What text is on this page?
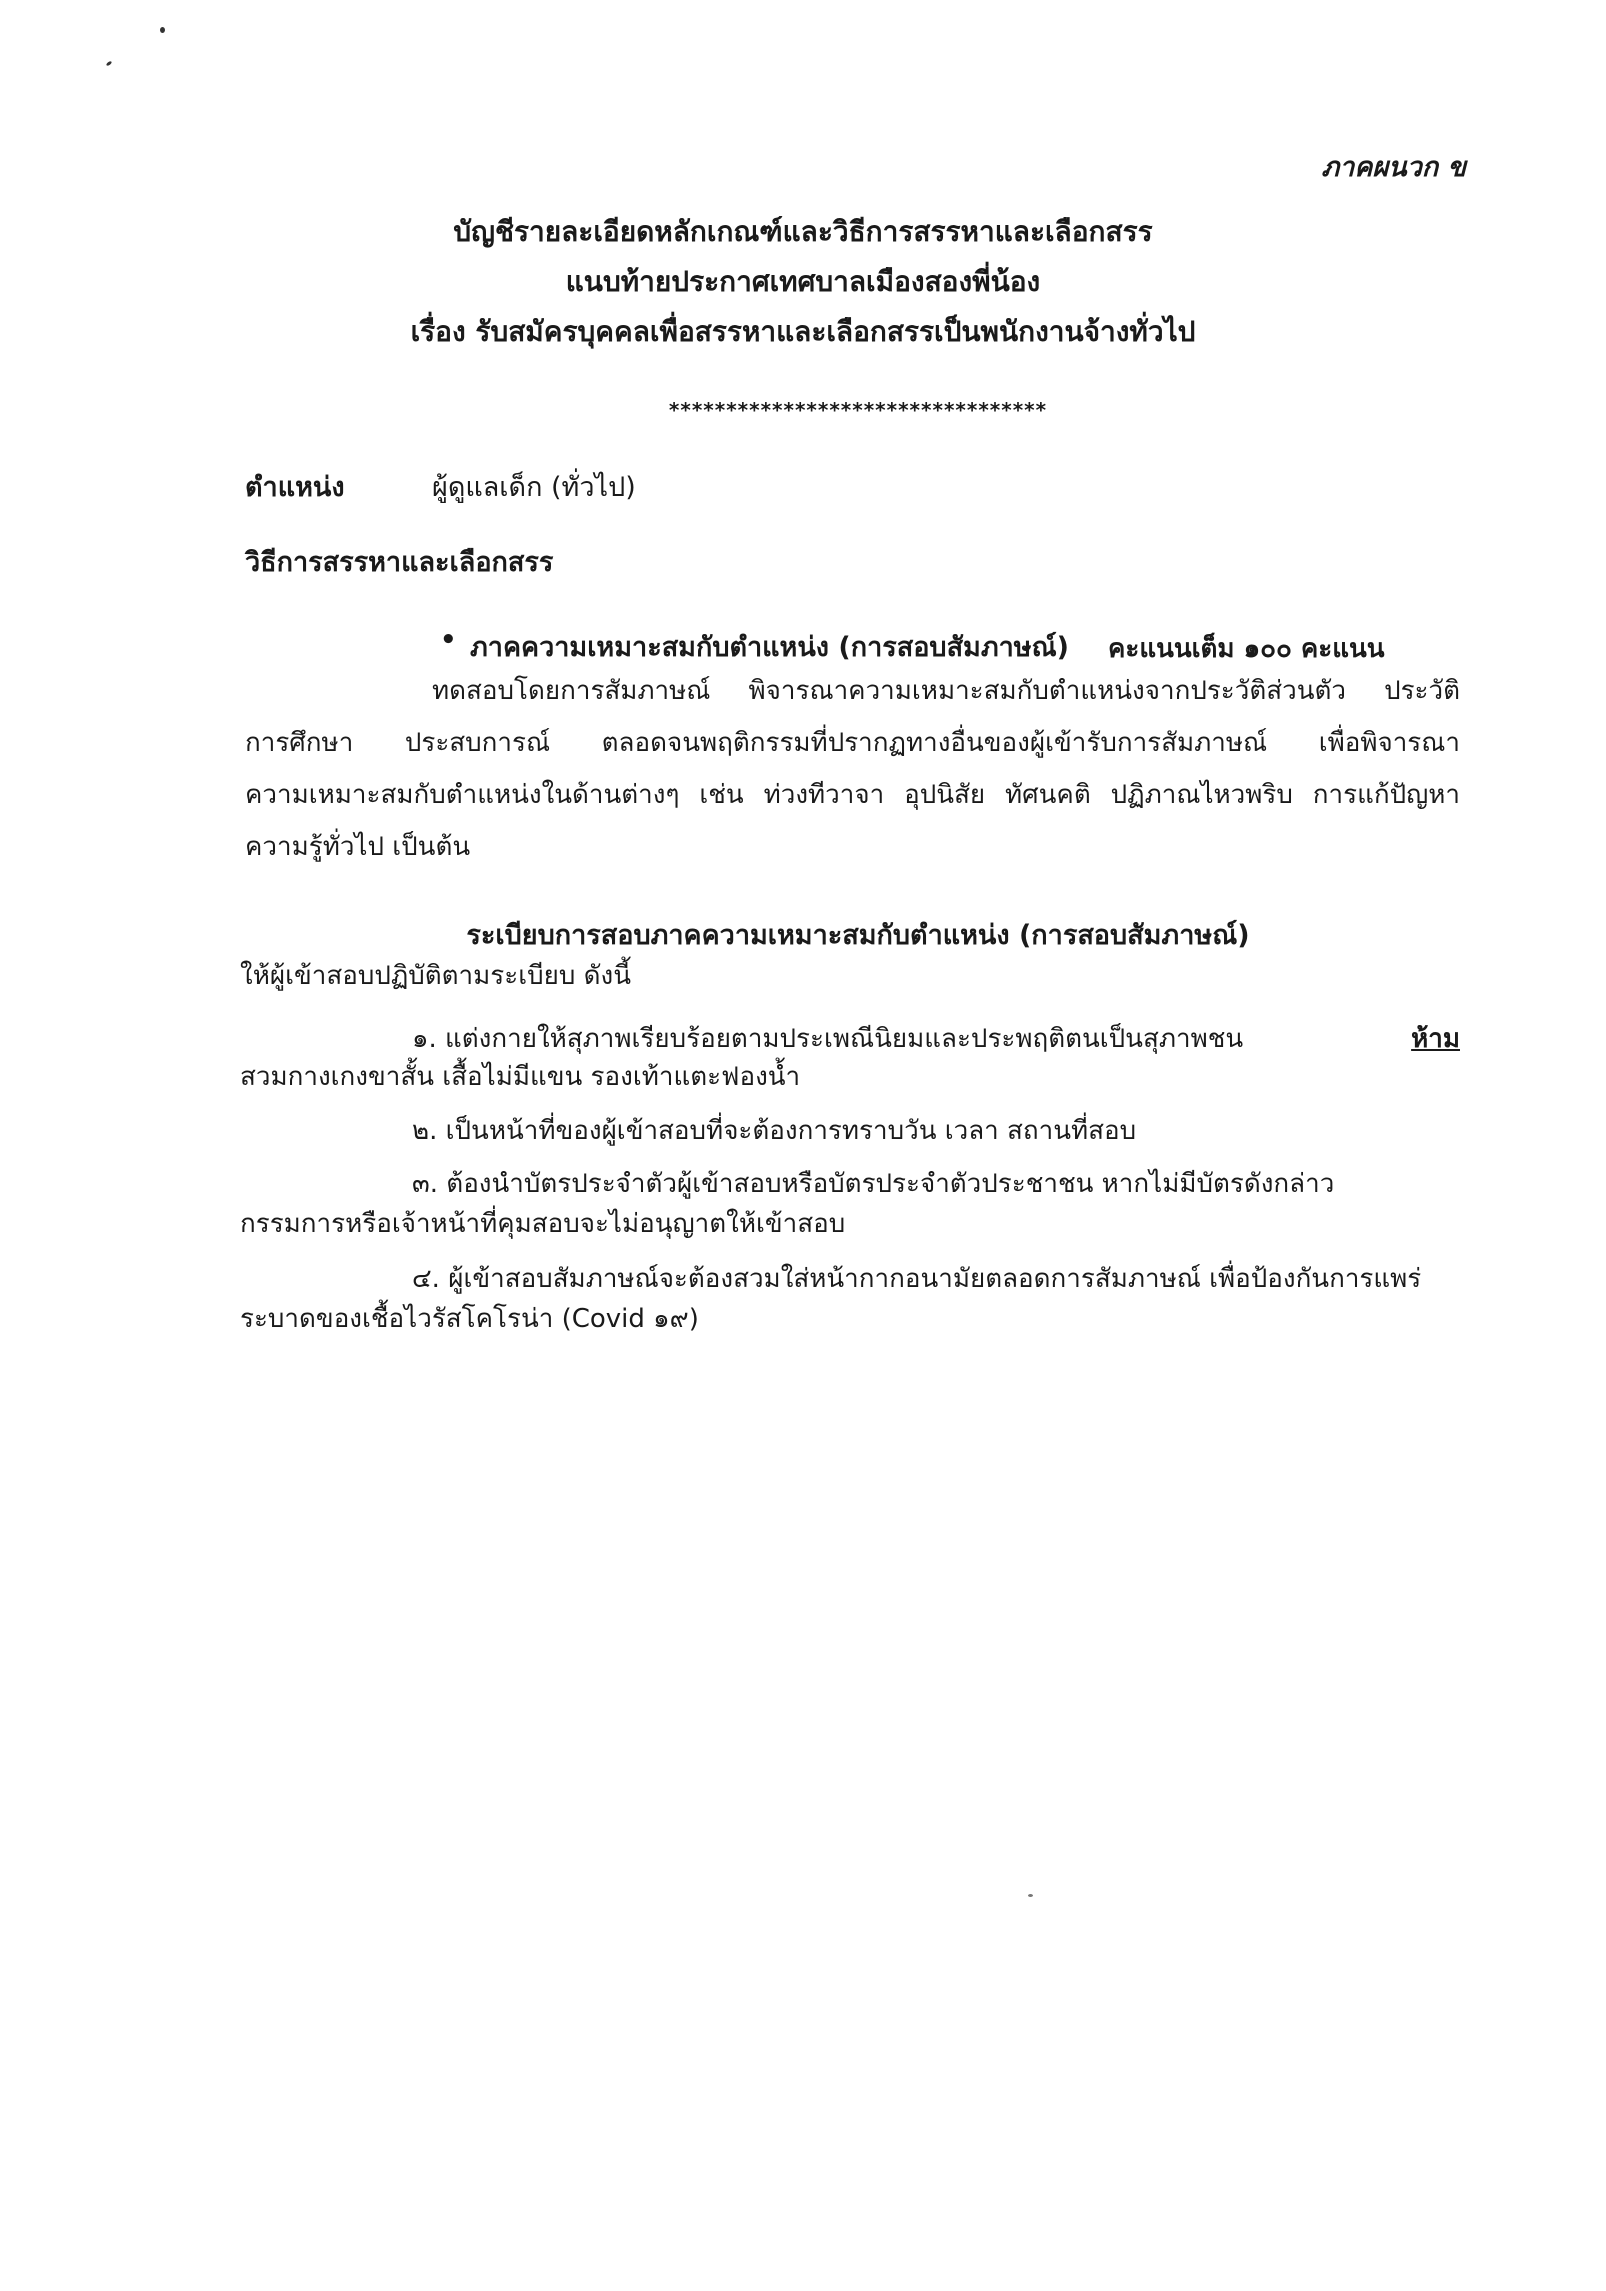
ภาคผนวก ข
บัญชีรายละเอียดหลักเกณฑ์และวิธีการสรรหาและเลือกสรร
แนบท้ายประกาศเทศบาลเมืองสองพี่น้อง
เรื่อง รับสมัครบุคคลเพื่อสรรหาและเลือกสรรเป็นพนักงานจ้างทั่วไป
*********************************
ตำแหน่ง	ผู้ดูแลเด็ก (ทั่วไป)
วิธีการสรรหาและเลือกสรร
• ภาคความเหมาะสมกับตำแหน่ง (การสอบสัมภาษณ์) คะแนนเต็ม ๑๐๐ คะแนน
ทดสอบโดยการสัมภาษณ์ พิจารณาความเหมาะสมกับตำแหน่งจากประวัติส่วนตัว ประวัติ
การศึกษา ประสบการณ์ ตลอดจนพฤติกรรมที่ปรากฏทางอื่นของผู้เข้ารับการสัมภาษณ์ เพื่อพิจารณา
ความเหมาะสมกับตำแหน่งในด้านต่างๆ เช่น ท่วงทีวาจา อุปนิสัย ทัศนคติ ปฏิภาณไหวพริบ การแก้ปัญหา
ความรู้ทั่วไป เป็นต้น
ระเบียบการสอบภาคความเหมาะสมกับตำแหน่ง (การสอบสัมภาษณ์)
ให้ผู้เข้าสอบปฏิบัติตามระเบียบ ดังนี้
๑. แต่งกายให้สุภาพเรียบร้อยตามประเพณีนิยมและประพฤติตนเป็นสุภาพชน	ห้าม
สวมกางเกงขาสั้น เสื้อไม่มีแขน รองเท้าแตะฟองน้ำ
๒. เป็นหน้าที่ของผู้เข้าสอบที่จะต้องการทราบวัน เวลา สถานที่สอบ
๓. ต้องนำบัตรประจำตัวผู้เข้าสอบหรือบัตรประจำตัวประชาชน หากไม่มีบัตรดังกล่าว
กรรมการหรือเจ้าหน้าที่คุมสอบจะไม่อนุญาตให้เข้าสอบ
๔. ผู้เข้าสอบสัมภาษณ์จะต้องสวมใส่หน้ากากอนามัยตลอดการสัมภาษณ์ เพื่อป้องกันการแพร่
ระบาดของเชื้อไวรัสโคโรน่า (Covid ๑๙)
